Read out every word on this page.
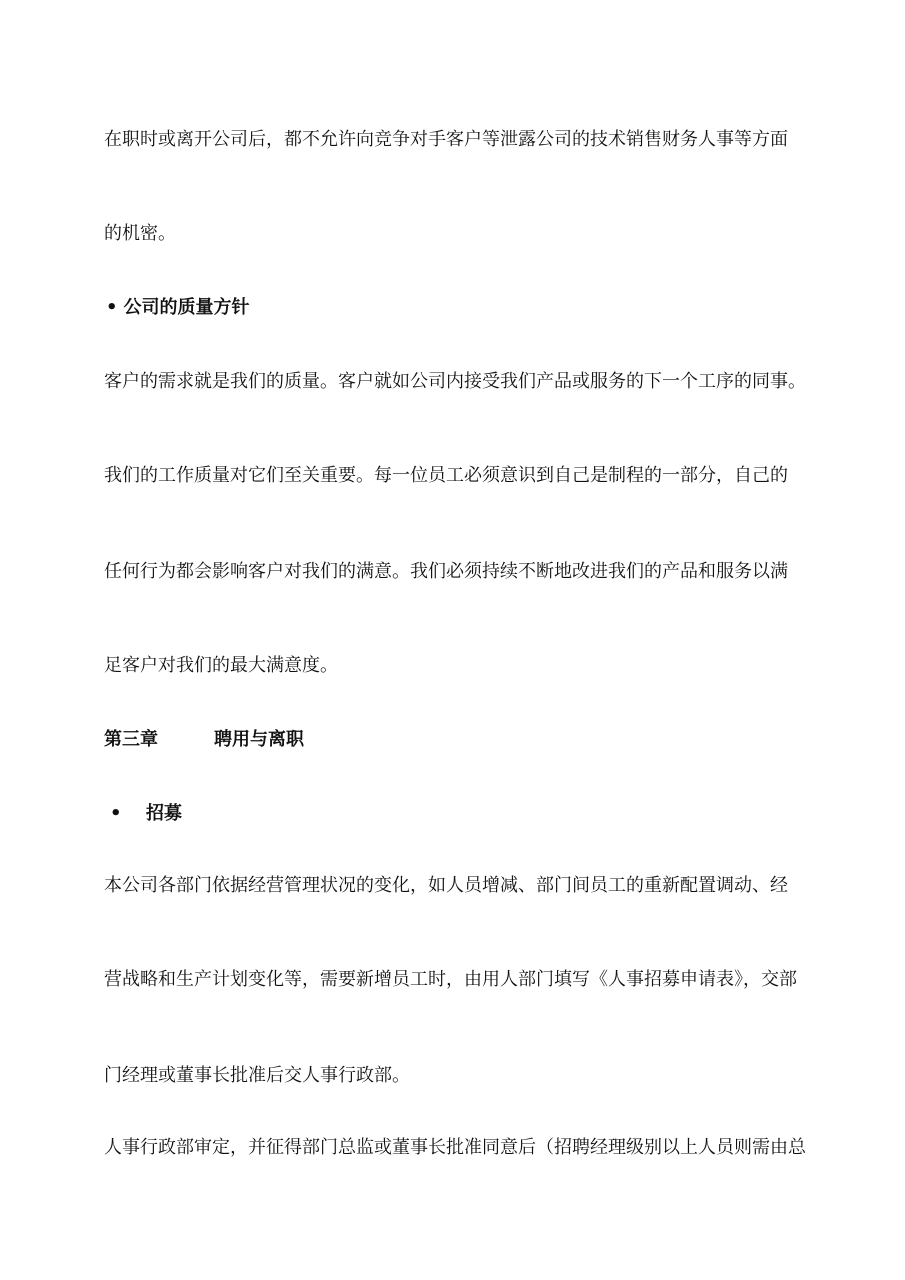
在职时或离开公司后，都不允许向竞争对手客户等泄露公司的技术销售财务人事等方面
的机密。
• 公司的质量方针
客户的需求就是我们的质量。客户就如公司内接受我们产品或服务的下一个工序的同事。
我们的工作质量对它们至关重要。每一位员工必须意识到自己是制程的一部分，自己的
任何行为都会影响客户对我们的满意。我们必须持续不断地改进我们的产品和服务以满
足客户对我们的最大满意度。
第三章	聘用与离职
• 招募
本公司各部门依据经营管理状况的变化，如人员增减、部门间员工的重新配置调动、经
营战略和生产计划变化等，需要新增员工时，由用人部门填写《人事招募申请表》，交部
门经理或董事长批准后交人事行政部。
人事行政部审定，并征得部门总监或董事长批准同意后（招聘经理级别以上人员则需由总
